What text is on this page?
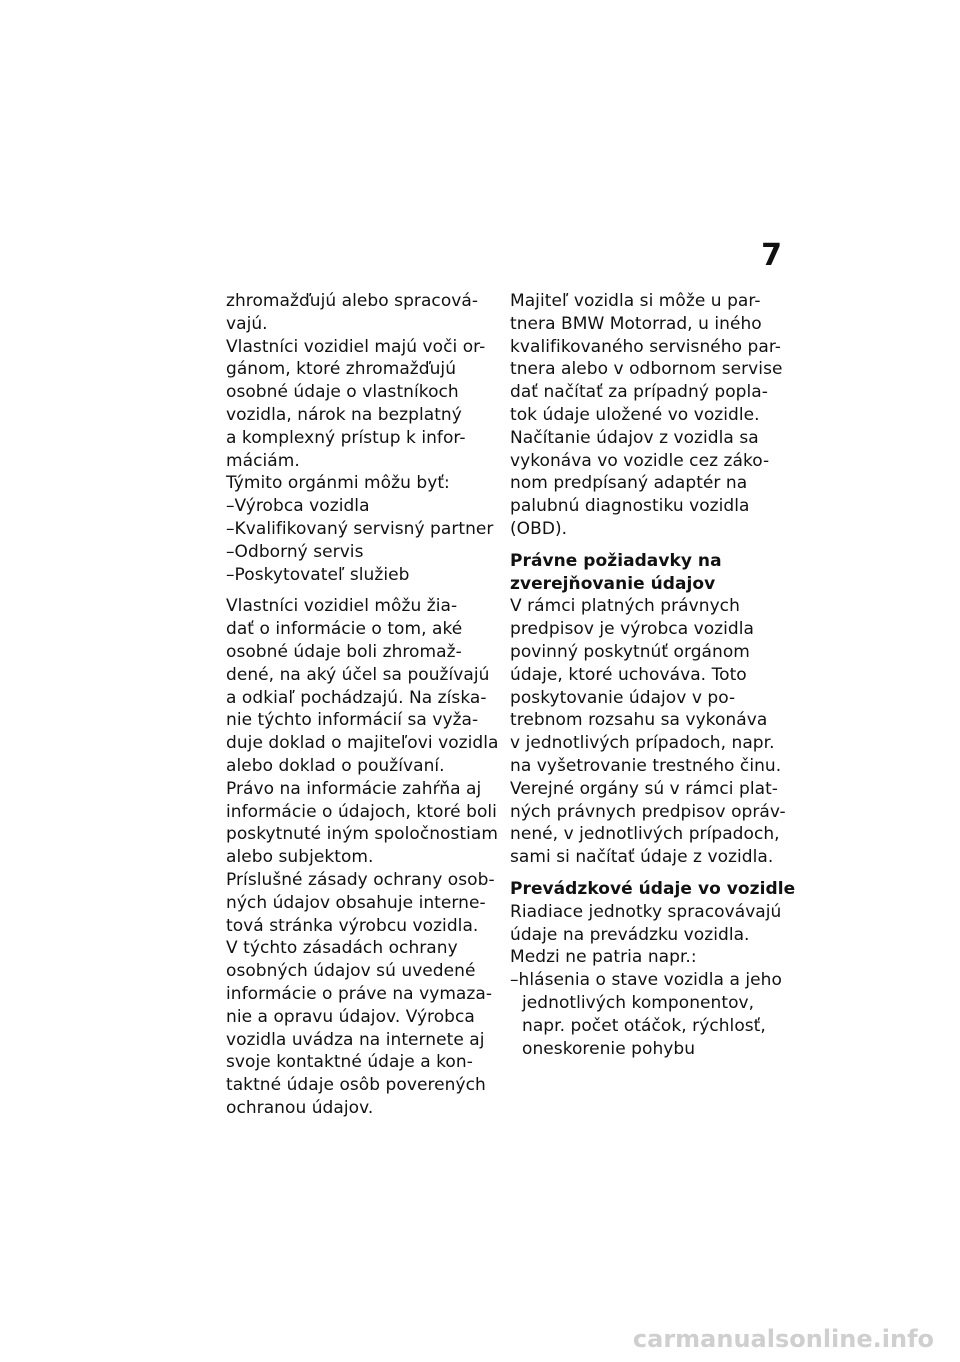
7
zhromažďujú alebo spracová-
vajú.
Vlastníci vozidiel majú voči or-
gánom, ktoré zhromažďujú
osobné údaje o vlastníkoch
vozidla, nárok na bezplatný
a komplexný prístup k infor-
máciám.
Týmito orgánmi môžu byť:
–Výrobca vozidla
–Kvalifikovaný servisný partner
–Odborný servis
–Poskytovateľ služieb
Vlastníci vozidiel môžu žia-
dať o informácie o tom, aké
osobné údaje boli zhromaž-
dené, na aký účel sa používajú
a odkiaľ pochádzajú. Na získa-
nie týchto informácií sa vyža-
duje doklad o majiteľovi vozidla
alebo doklad o používaní.
Právo na informácie zahŕňa aj
informácie o údajoch, ktoré boli
poskytnuté iným spoločnostiam
alebo subjektom.
Príslušné zásady ochrany osob-
ných údajov obsahuje interne-
tová stránka výrobcu vozidla.
V týchto zásadách ochrany
osobných údajov sú uvedené
informácie o práve na vymaza-
nie a opravu údajov. Výrobca
vozidla uvádza na internete aj
svoje kontaktné údaje a kon-
taktné údaje osôb poverených
ochranou údajov.
Majiteľ vozidla si môže u par-
tnera BMW Motorrad, u iného
kvalifikovaného servisného par-
tnera alebo v odbornom servise
dať načítať za prípadný popla-
tok údaje uložené vo vozidle.
Načítanie údajov z vozidla sa
vykonáva vo vozidle cez záko-
nom predpísaný adaptér na
palubnú diagnostiku vozidla
(OBD).
Právne požiadavky na
zverejňovanie údajov
V rámci platných právnych
predpisov je výrobca vozidla
povinný poskytnúť orgánom
údaje, ktoré uchováva. Toto
poskytovanie údajov v po-
trebnom rozsahu sa vykonáva
v jednotlivých prípadoch, napr.
na vyšetrovanie trestného činu.
Verejné orgány sú v rámci plat-
ných právnych predpisov opráv-
nené, v jednotlivých prípadoch,
sami si načítať údaje z vozidla.
Prevádzkové údaje vo vozidle
Riadiace jednotky spracovávajú
údaje na prevádzku vozidla.
Medzi ne patria napr.:
–hlásenia o stave vozidla a jeho
jednotlivých komponentov,
napr. počet otáčok, rýchlosť,
oneskorenie pohybu
carmanualsonline.info
